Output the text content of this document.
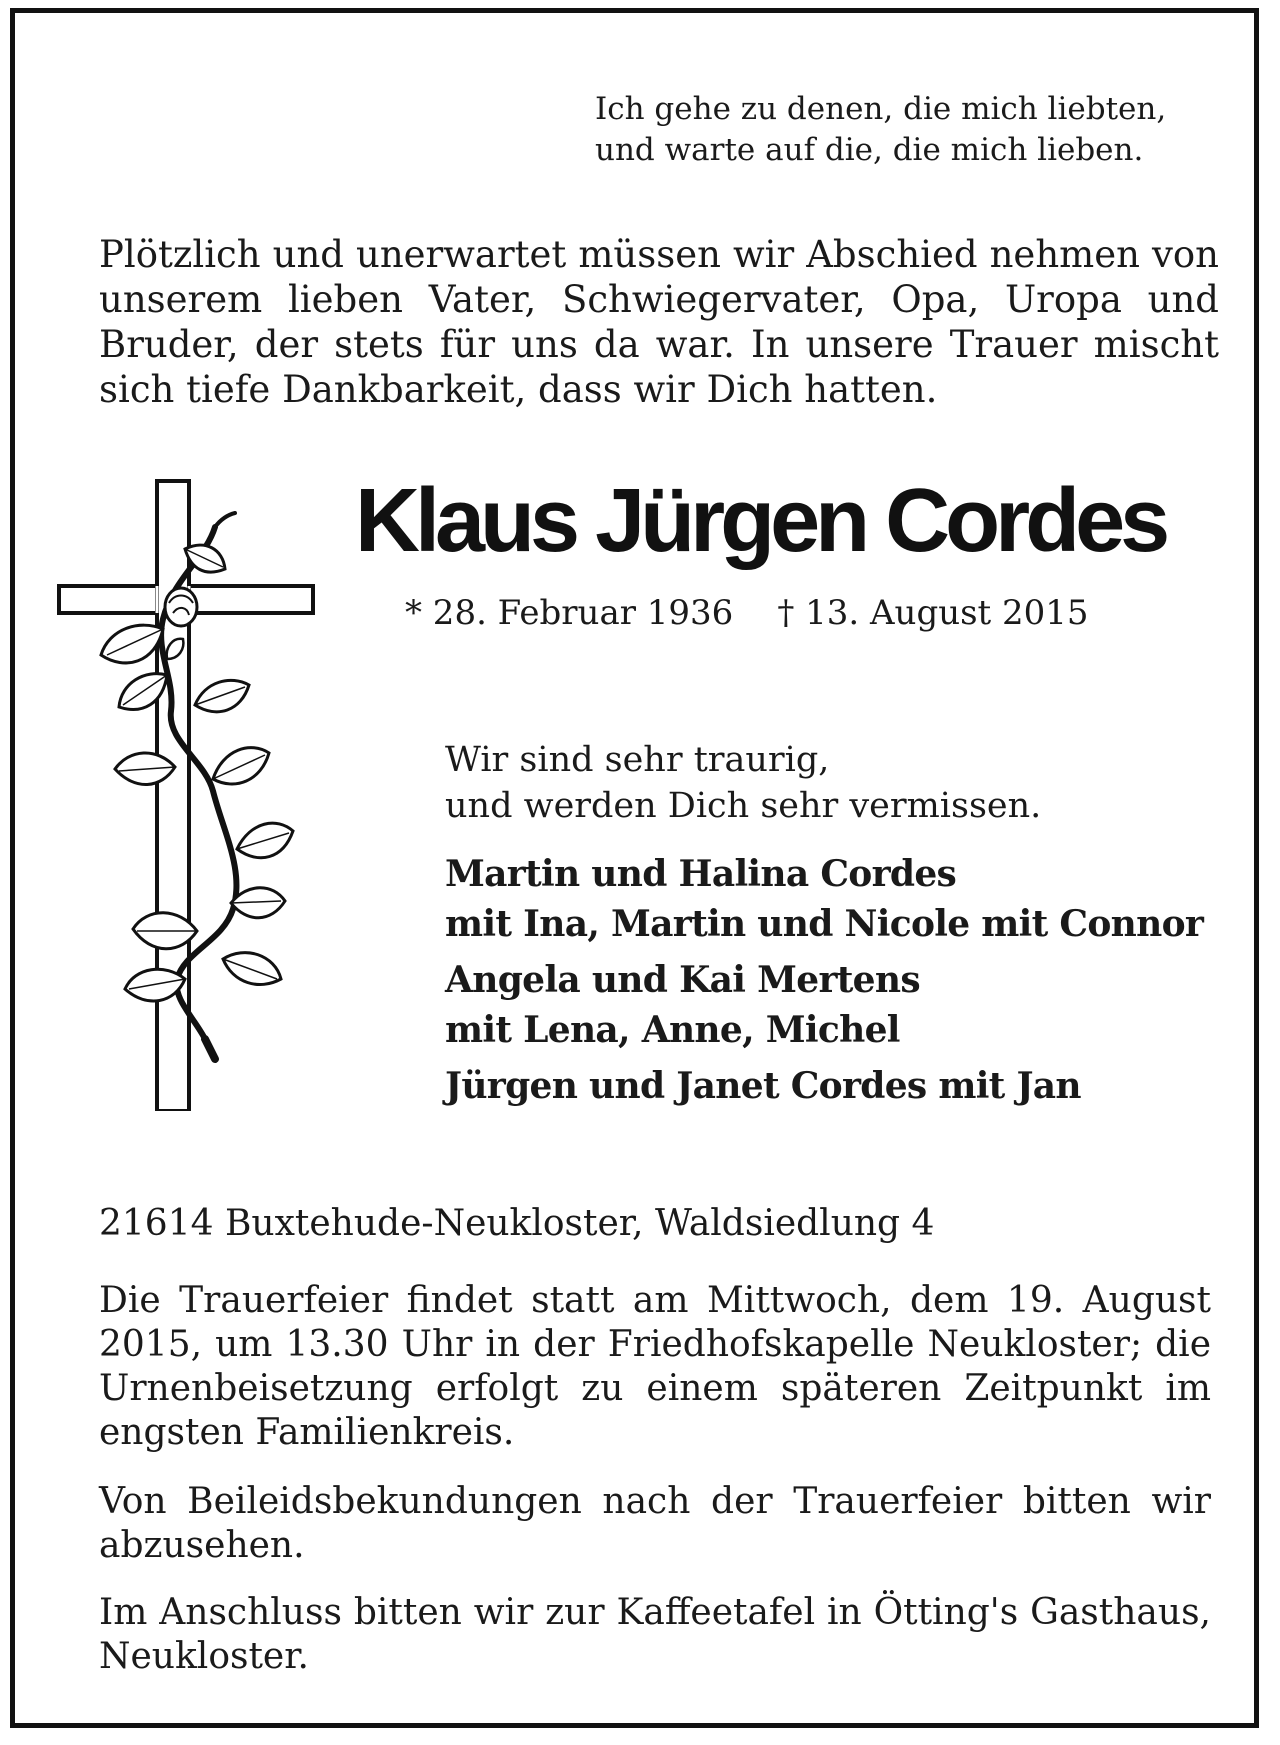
Ich gehe zu denen, die mich liebten,
und warte auf die, die mich lieben.
Plötzlich und unerwartet müssen wir Abschied nehmen von unserem lieben Vater, Schwiegervater, Opa, Uropa und Bruder, der stets für uns da war. In unsere Trauer mischt sich tiefe Dankbarkeit, dass wir Dich hatten.
Klaus Jürgen Cordes
* 28. Februar 1936 † 13. August 2015
Wir sind sehr traurig,
und werden Dich sehr vermissen.
Martin und Halina Cordes
mit Ina, Martin und Nicole mit Connor
Angela und Kai Mertens
mit Lena, Anne, Michel
Jürgen und Janet Cordes mit Jan
21614 Buxtehude-Neukloster, Waldsiedlung 4
Die Trauerfeier findet statt am Mittwoch, dem 19. August 2015, um 13.30 Uhr in der Friedhofskapelle Neukloster; die Urnenbeisetzung erfolgt zu einem späteren Zeitpunkt im engsten Familienkreis.
Von Beileidsbekundungen nach der Trauerfeier bitten wir abzusehen.
Im Anschluss bitten wir zur Kaffeetafel in Ötting's Gasthaus, Neukloster.
